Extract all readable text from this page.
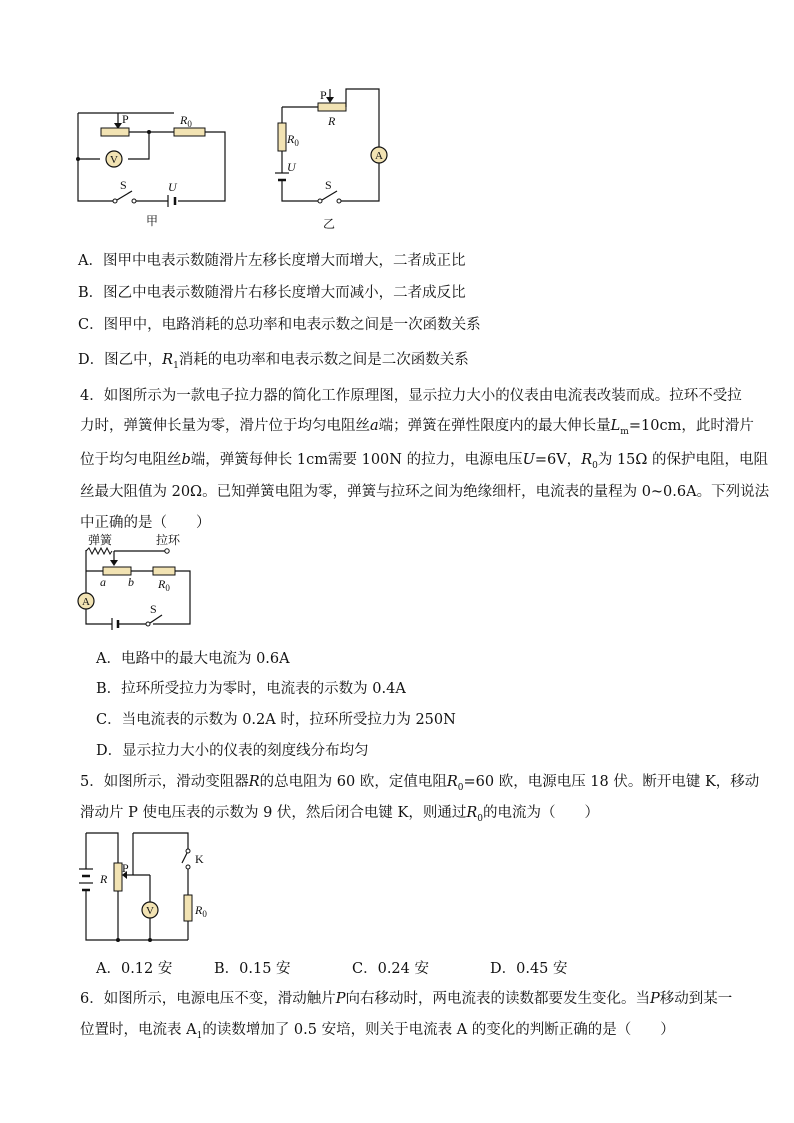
V
P	$R_0$
S	U
甲
A
P
R
$R_0$
U
S
乙
A．图甲中电表示数随滑片左移长度增大而增大，二者成正比
B．图乙中电表示数随滑片右移长度增大而减小，二者成反比
C．图甲中，电路消耗的总功率和电表示数之间是一次函数关系
D．图乙中，$R_1$消耗的电功率和电表示数之间是二次函数关系
4．如图所示为一款电子拉力器的简化工作原理图，显示拉力大小的仪表由电流表改装而成。拉环不受拉
力时，弹簧伸长量为零，滑片位于均匀电阻丝a端；弹簧在弹性限度内的最大伸长量$L_m=10cm$，此时滑片
位于均匀电阻丝b端，弹簧每伸长 1cm需要 100N 的拉力，电源电压U=6V，$R_0$为 15Ω 的保护电阻，电阻
丝最大阻值为 20Ω。已知弹簧电阻为零，弹簧与拉环之间为绝缘细杆，电流表的量程为 0~0.6A。下列说法
中正确的是（　　）
弹簧	拉环
A
a b $R_0$
S
A．电路中的最大电流为 0.6A
B．拉环所受拉力为零时，电流表的示数为 0.4A
C．当电流表的示数为 0.2A 时，拉环所受拉力为 250N
D．显示拉力大小的仪表的刻度线分布均匀
5．如图所示，滑动变阻器R的总电阻为 60 欧，定值电阻$R_0=60$ 欧，电源电压 18 伏。断开电键 K，移动
滑动片 P 使电压表的示数为 9 伏，然后闭合电键 K，则通过$R_0$的电流为（　　）
V
R
P
K
$R_0$
A．0.12 安	B．0.15 安	C．0.24 安	D．0.45 安
6．如图所示，电源电压不变，滑动触片P向右移动时，两电流表的读数都要发生变化。当P移动到某一
位置时，电流表 $A_1$的读数增加了 0.5 安培，则关于电流表 A 的变化的判断正确的是（　　）
